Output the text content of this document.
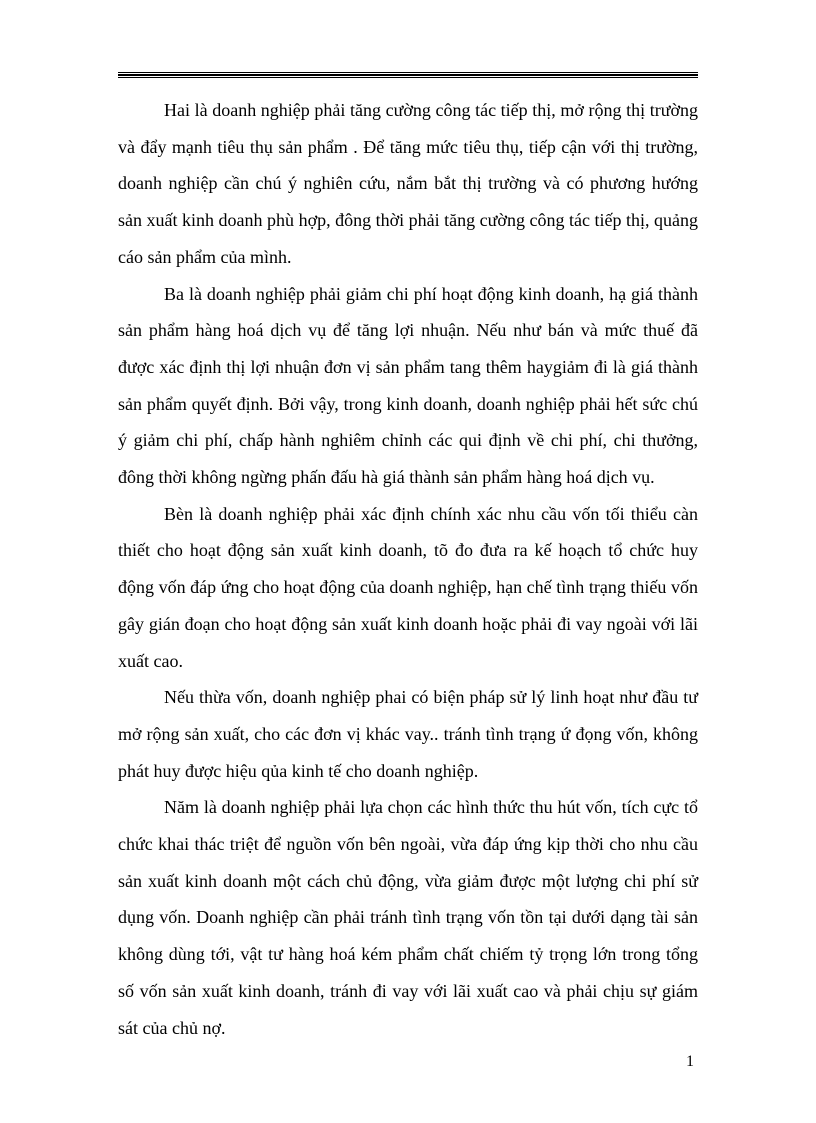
Hai là doanh nghiệp phải tăng cường công tác tiếp thị, mở rộng thị trường và đẩy mạnh tiêu thụ sản phẩm . Để tăng mức tiêu thụ, tiếp cận với thị trường, doanh nghiệp cần chú ý nghiên cứu, nắm bắt thị trường và có phương hướng sản xuất kinh doanh phù hợp, đông thời phải tăng cường công tác tiếp thị, quảng cáo sản phẩm của mình.

Ba là doanh nghiệp phải giảm chi phí hoạt động kinh doanh, hạ giá thành sản phẩm hàng hoá dịch vụ để tăng lợi nhuận. Nếu như bán và mức thuế đã được xác định thị lợi nhuận đơn vị sản phẩm tang thêm haygiảm đi là giá thành sản phẩm quyết định. Bởi vậy, trong kinh doanh, doanh nghiệp phải hết sức chú ý giảm chi phí, chấp hành nghiêm chỉnh các qui định về chi phí, chi thưởng, đông thời không ngừng phấn đấu hà giá thành sản phẩm hàng hoá dịch vụ.

Bèn là doanh nghiệp phải xác định chính xác nhu cầu vốn tối thiểu càn thiết cho hoạt động sản xuất kinh doanh, tõ đo đưa ra kế hoạch tổ chức huy động vốn đáp ứng cho hoạt động của doanh nghiệp, hạn chế tình trạng thiếu vốn gây gián đoạn cho hoạt động sản xuất kinh doanh hoặc phải đi vay ngoài với lãi xuất cao.

Nếu thừa vốn, doanh nghiệp phai có biện pháp sử lý linh hoạt như đầu tư mở rộng sản xuất, cho các đơn vị khác vay.. tránh tình trạng ứ đọng vốn, không phát huy được hiệu qủa kinh tế cho doanh nghiệp.

Năm là doanh nghiệp phải lựa chọn các hình thức thu hút vốn, tích cực tổ chức khai thác triệt để nguồn vốn bên ngoài, vừa đáp ứng kịp thời cho nhu cầu sản xuất kinh doanh một cách chủ động, vừa giảm được một lượng chi phí sử dụng vốn. Doanh nghiệp cần phải tránh tình trạng vốn tồn tại dưới dạng tài sản không dùng tới, vật tư hàng hoá kém phẩm chất chiếm tỷ trọng lớn trong tổng số vốn sản xuất kinh doanh, tránh đi vay với lãi xuất cao và phải chịu sự giám sát của chủ nợ.

1
